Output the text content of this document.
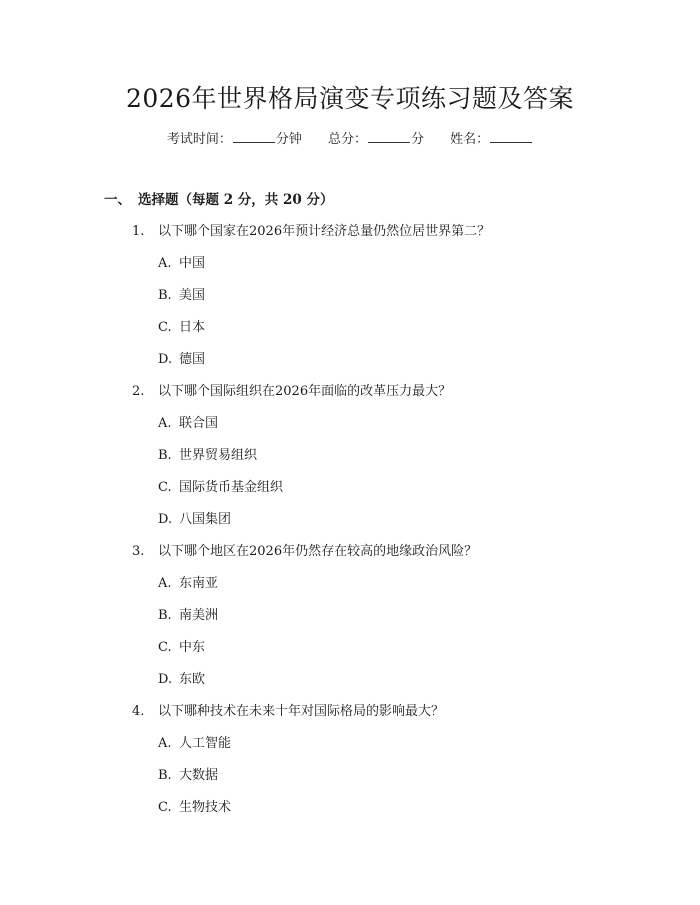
2026年世界格局演变专项练习题及答案
考试时间：	分钟 总分：	分 姓名：
一、 选择题（每题 2 分，共 20 分）
1. 以下哪个国家在2026年预计经济总量仍然位居世界第二？
A. 中国
B. 美国
C. 日本
D. 德国
2. 以下哪个国际组织在2026年面临的改革压力最大？
A. 联合国
B. 世界贸易组织
C. 国际货币基金组织
D. 八国集团
3. 以下哪个地区在2026年仍然存在较高的地缘政治风险？
A. 东南亚
B. 南美洲
C. 中东
D. 东欧
4. 以下哪种技术在未来十年对国际格局的影响最大？
A. 人工智能
B. 大数据
C. 生物技术
